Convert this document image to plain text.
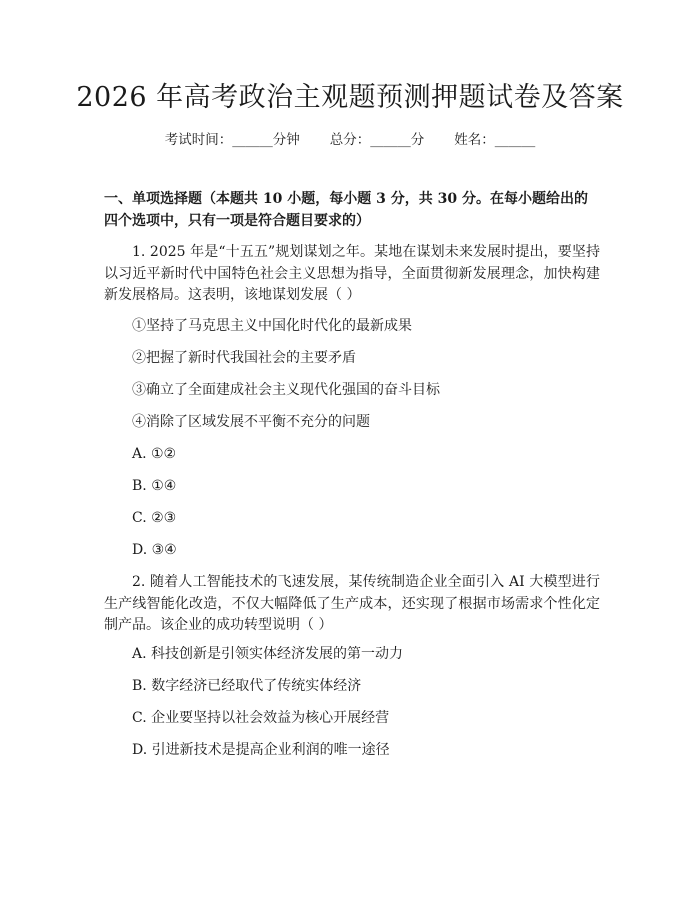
2026 年高考政治主观题预测押题试卷及答案
考试时间：______分钟 总分：______分 姓名：______
一、单项选择题（本题共 10 小题，每小题 3 分，共 30 分。在每小题给出的四个选项中，只有一项是符合题目要求的）
1. 2025 年是“十五五”规划谋划之年。某地在谋划未来发展时提出，要坚持以习近平新时代中国特色社会主义思想为指导，全面贯彻新发展理念，加快构建新发展格局。这表明，该地谋划发展（ ）
①坚持了马克思主义中国化时代化的最新成果
②把握了新时代我国社会的主要矛盾
③确立了全面建成社会主义现代化强国的奋斗目标
④消除了区域发展不平衡不充分的问题
A. ①②
B. ①④
C. ②③
D. ③④
2. 随着人工智能技术的飞速发展，某传统制造企业全面引入 AI 大模型进行生产线智能化改造，不仅大幅降低了生产成本，还实现了根据市场需求个性化定制产品。该企业的成功转型说明（ ）
A. 科技创新是引领实体经济发展的第一动力
B. 数字经济已经取代了传统实体经济
C. 企业要坚持以社会效益为核心开展经营
D. 引进新技术是提高企业利润的唯一途径
